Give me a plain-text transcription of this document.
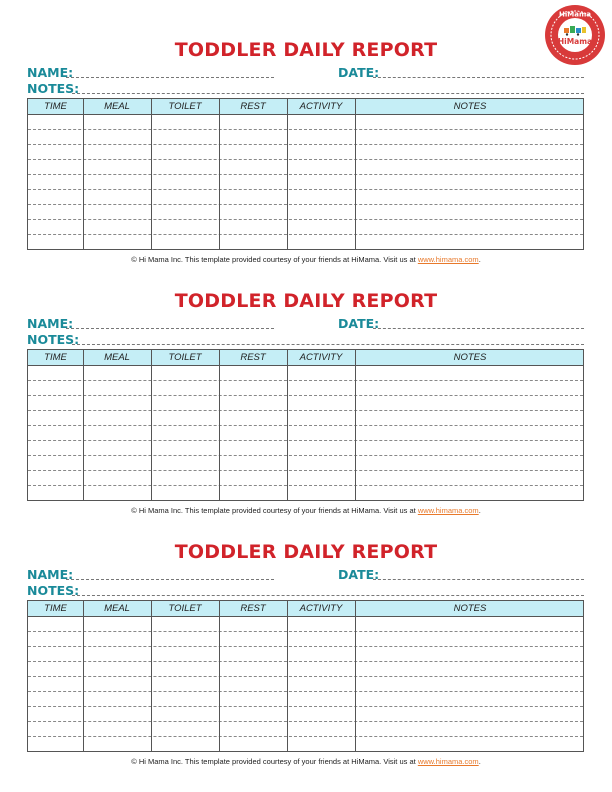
HiMama
HiMama
TODDLER DAILY REPORT
NAME:	DATE:
NOTES:
TIME	MEAL	TOILET	REST	ACTIVITY	NOTES
© Hi Mama Inc. This template provided courtesy of your friends at HiMama. Visit us at www.himama.com.
TODDLER DAILY REPORT
NAME:	DATE:
NOTES:
TIME	MEAL	TOILET	REST	ACTIVITY	NOTES
© Hi Mama Inc. This template provided courtesy of your friends at HiMama. Visit us at www.himama.com.
TODDLER DAILY REPORT
NAME:	DATE:
NOTES:
TIME	MEAL	TOILET	REST	ACTIVITY	NOTES
© Hi Mama Inc. This template provided courtesy of your friends at HiMama. Visit us at www.himama.com.
